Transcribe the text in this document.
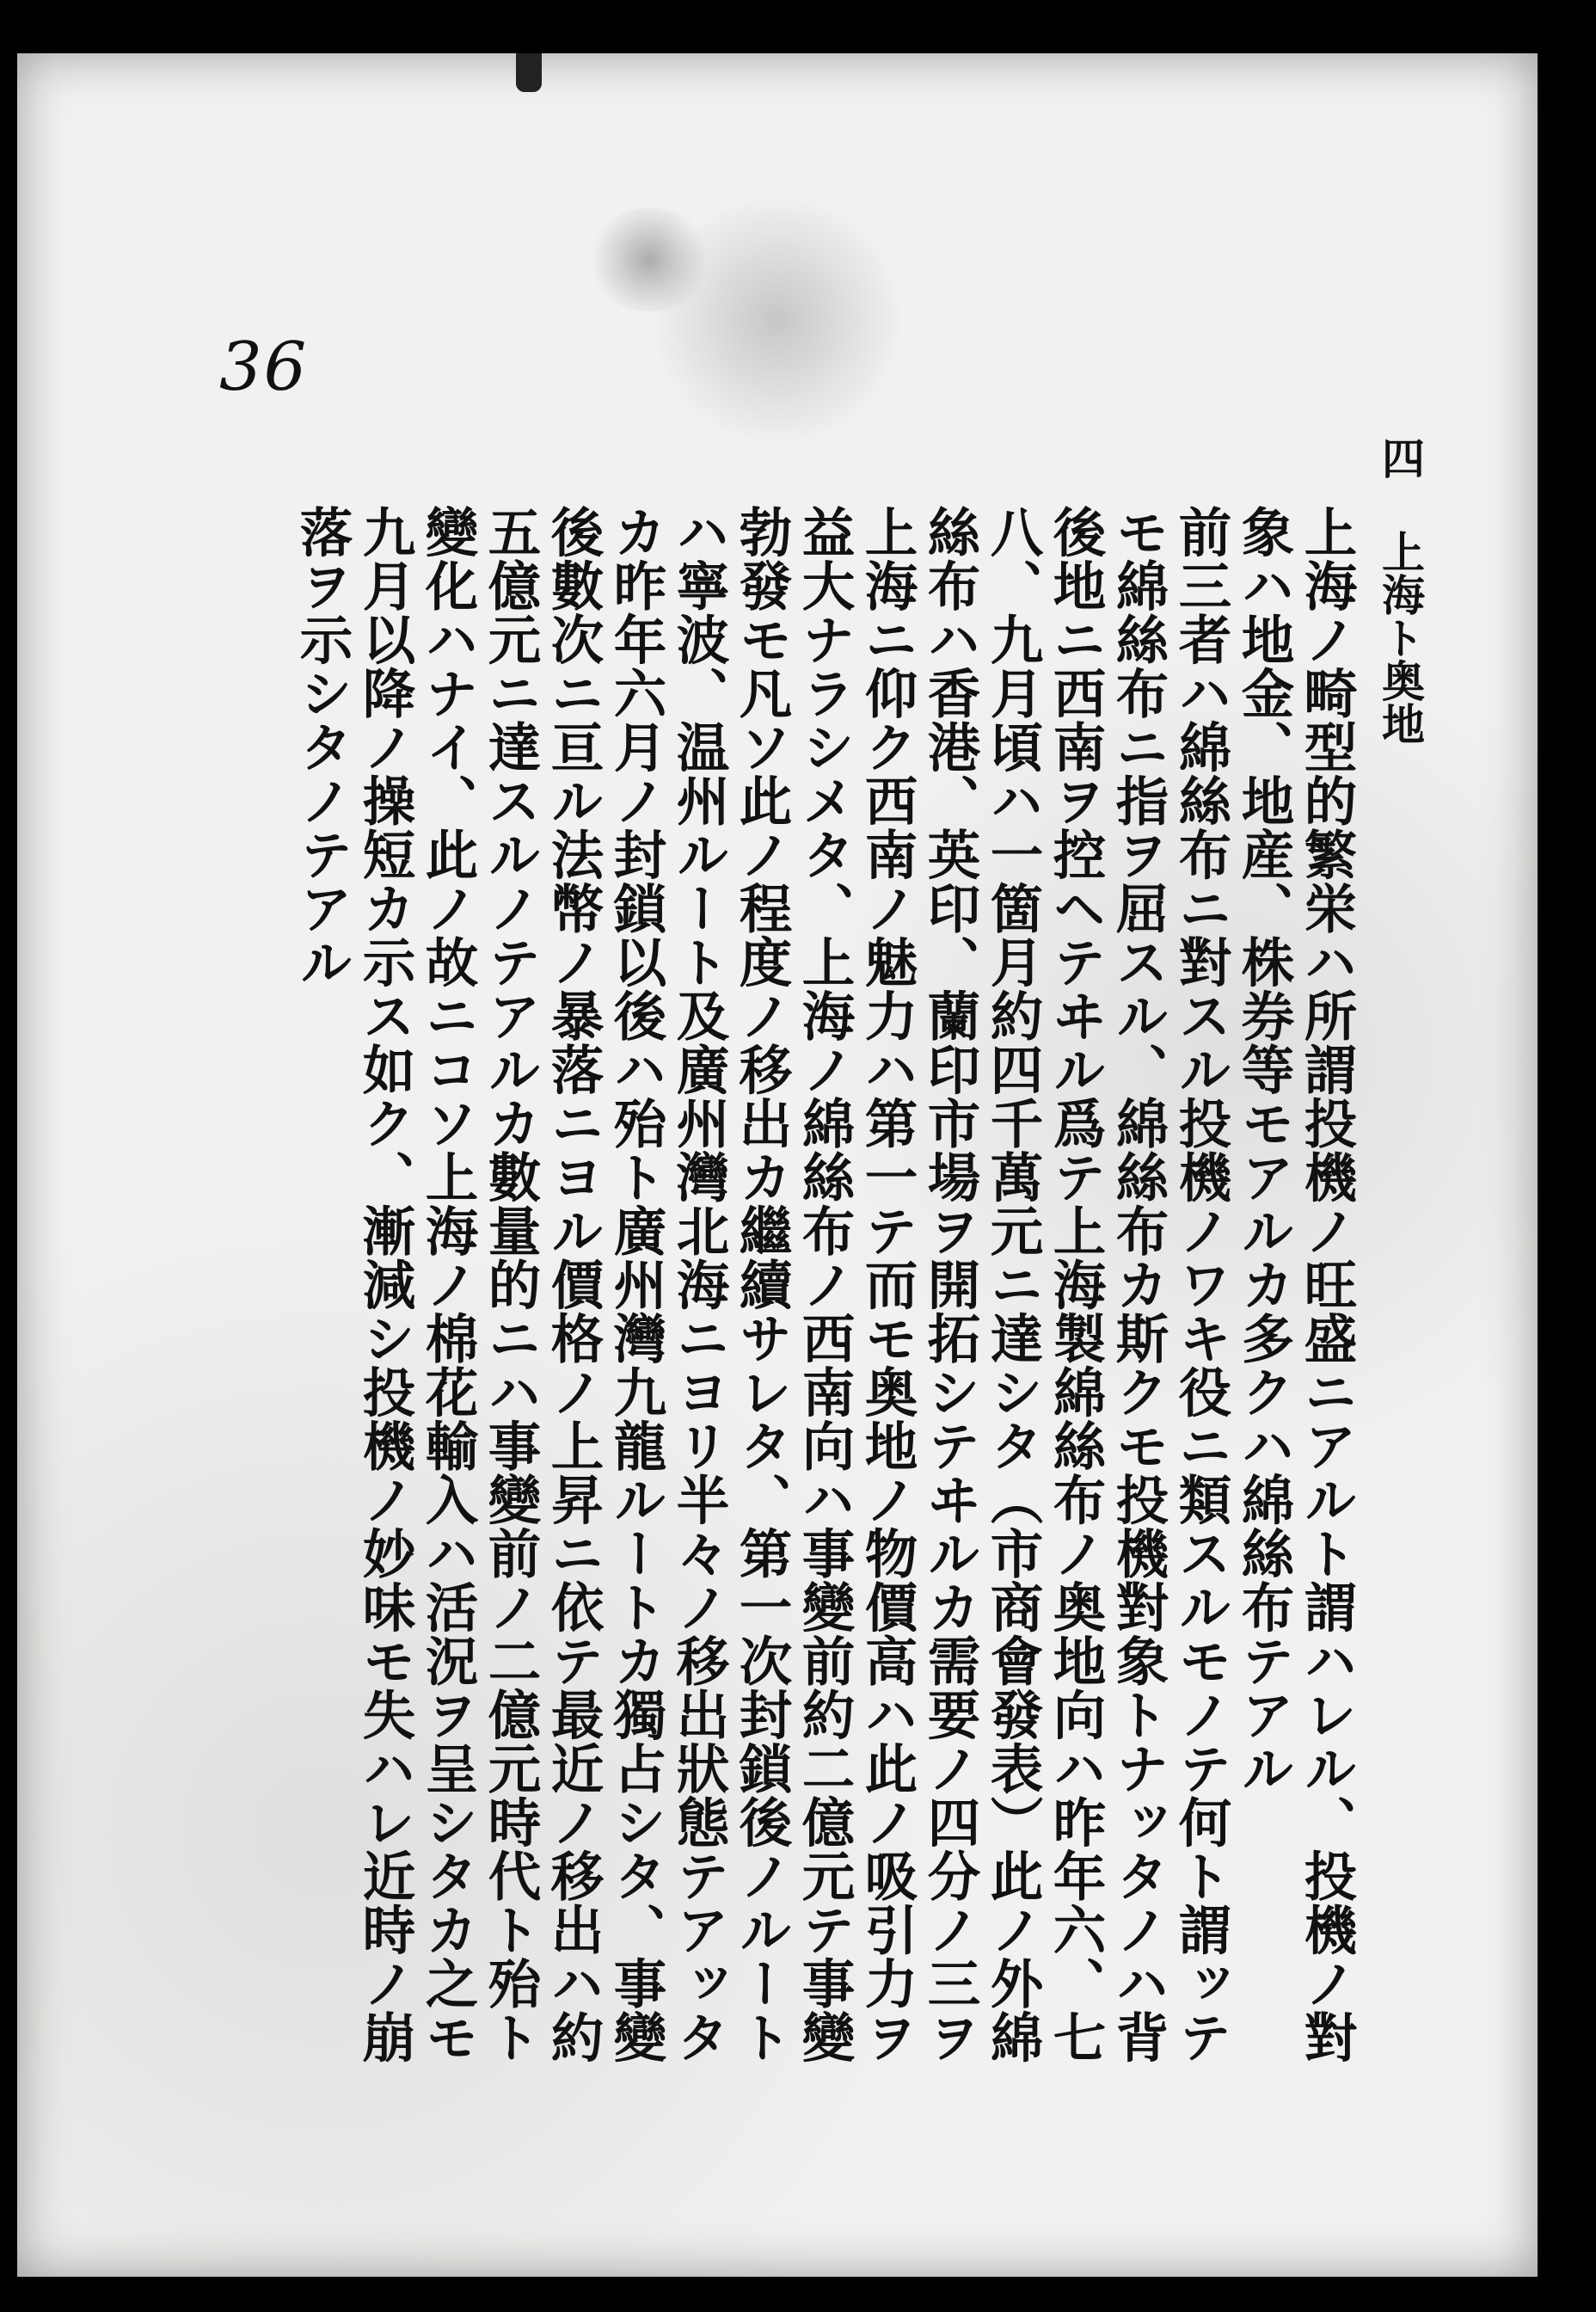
36
四 上海ト奥地
上海ノ畸型的繁栄ハ所謂投機ノ旺盛ニアルト謂ハレル、投機ノ對
象ハ地金、地産、株券等モアルカ多クハ綿絲布テアル
前三者ハ綿絲布ニ對スル投機ノワキ役ニ類スルモノテ何ト謂ッテ
モ綿絲布ニ指ヲ屈スル、綿絲布カ斯クモ投機對象トナッタノハ背
後地ニ西南ヲ控ヘテヰル爲テ上海製綿絲布ノ奥地向ハ昨年六、七
八、九月頃ハ一箇月約四千萬元ニ達シタ（市商會發表）此ノ外綿
絲布ハ香港、英印、蘭印市場ヲ開拓シテヰルカ需要ノ四分ノ三ヲ
上海ニ仰ク西南ノ魅力ハ第一テ而モ奥地ノ物價高ハ此ノ吸引力ヲ
益大ナラシメタ、上海ノ綿絲布ノ西南向ハ事變前約二億元テ事變
勃發モ凡ソ此ノ程度ノ移出カ繼續サレタ、第一次封鎖後ノルート
ハ寧波、温州ルート及廣州灣北海ニヨリ半々ノ移出狀態テアッタ
カ昨年六月ノ封鎖以後ハ殆ト廣州灣九龍ルートカ獨占シタ、事變
後數次ニ亘ル法幣ノ暴落ニヨル價格ノ上昇ニ依テ最近ノ移出ハ約
五億元ニ達スルノテアルカ數量的ニハ事變前ノ二億元時代ト殆ト
變化ハナイ、此ノ故ニコソ上海ノ棉花輸入ハ活況ヲ呈シタカ之モ
九月以降ノ操短カ示ス如ク、漸減シ投機ノ妙味モ失ハレ近時ノ崩
落ヲ示シタノテアル
